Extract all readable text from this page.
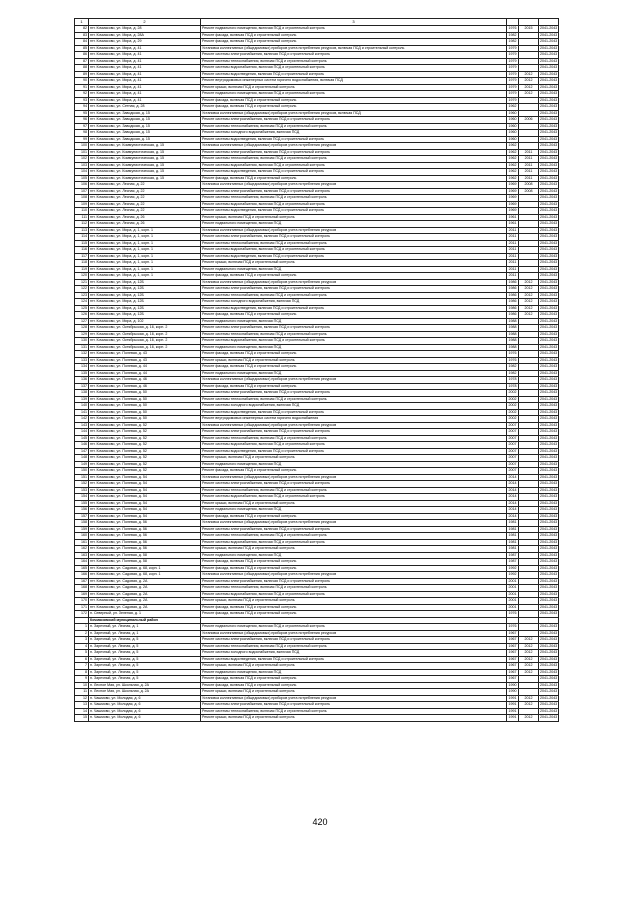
1	2	3			
82	пгт. Кочмасово, ул. Мира, д. 28	Ремонт подвального помещения, включая ПСД и строительный контроль	1976	2015	2041-2043
83	пгт. Кочмасово, ул. Мира, д. 28А	Ремонт фасада, включая ПСД и строительный контроль	1982		2041-2043
84	пгт. Кочмасово, ул. Мира, д. 29	Ремонт фасада, включая ПСД и строительный контроль	1982		2041-2043
85	пгт. Кочмасово, ул. Мира, д. 41	Установка коллективных (общедомовых) приборов учета потребления ресурсов, включая ПСД и строительный контроль	1979		2041-2043
86	пгт. Кочмасово, ул. Мира, д. 41	Ремонт системы электроснабжения, включая ПСД и строительный контроль	1979		2041-2043
87	пгт. Кочмасово, ул. Мира, д. 41	Ремонт системы теплоснабжения, включая ПСД и строительный контроль	1979		2041-2043
88	пгт. Кочмасово, ул. Мира, д. 41	Ремонт системы водоснабжения, включая ПСД и строительный контроль	1979		2041-2043
89	пгт. Кочмасово, ул. Мира, д. 41	Ремонт системы водоотведения, включая ПСД и строительный контроль	1979	2012	2041-2043
90	пгт. Кочмасово, ул. Мира, д. 41	Ремонт внутридомовых инженерных систем горячего водоснабжения, включая ПСД	1979	2012	2041-2043
91	пгт. Кочмасово, ул. Мира, д. 41	Ремонт крыши, включая ПСД и строительный контроль	1979	2012	2041-2043
92	пгт. Кочмасово, ул. Мира, д. 41	Ремонт подвального помещения, включая ПСД и строительный контроль	1979	2012	2041-2043
93	пгт. Кочмасово, ул. Мира, д. 41	Ремонт фасада, включая ПСД и строительный контроль	1979		2041-2043
94	пгт. Кочмасово, ул. Сетная, д. 28	Ремонт фасада, включая ПСД и строительный контроль	1962		2041-2043
95	пгт. Кочмасово, ул. Заводская, д. 15	Установка коллективных (общедомовых) приборов учета потребления ресурсов, включая ПСД	1960		2041-2043
96	пгт. Кочмасово, ул. Заводская, д. 15	Ремонт системы электроснабжения, включая ПСД и строительный контроль	1960	2006	2041-2043
97	пгт. Кочмасово, ул. Заводская, д. 15	Ремонт системы теплоснабжения, включая ПСД и строительный контроль	1960		2041-2043
98	пгт. Кочмасово, ул. Заводская, д. 15	Ремонт системы холодного водоснабжения, включая ПСД	1960		2041-2043
99	пгт. Кочмасово, ул. Заводская, д. 15	Ремонт системы водоотведения, включая ПСД и строительный контроль	1960		2041-2043
100	пгт. Кочмасово, ул. Коммунистическая, д. 15	Установка коллективных (общедомовых) приборов учета потребления ресурсов	1962		2041-2043
101	пгт. Кочмасово, ул. Коммунистическая, д. 15	Ремонт системы электроснабжения, включая ПСД и строительный контроль	1962	2011	2041-2043
102	пгт. Кочмасово, ул. Коммунистическая, д. 15	Ремонт системы теплоснабжения, включая ПСД и строительный контроль	1962	2011	2041-2043
103	пгт. Кочмасово, ул. Коммунистическая, д. 15	Ремонт системы водоснабжения, включая ПСД и строительный контроль	1962	2011	2041-2043
104	пгт. Кочмасово, ул. Коммунистическая, д. 15	Ремонт системы водоотведения, включая ПСД и строительный контроль	1962	2011	2041-2043
105	пгт. Кочмасово, ул. Коммунистическая, д. 15	Ремонт фасада, включая ПСД и строительный контроль	1962	2011	2041-2043
106	пгт. Кочмасово, ул. Лесная, д. 22	Установка коллективных (общедомовых) приборов учета потребления ресурсов	1969	2008	2041-2043
107	пгт. Кочмасово, ул. Лесная, д. 22	Ремонт системы электроснабжения, включая ПСД и строительный контроль	1969	2008	2041-2043
108	пгт. Кочмасово, ул. Лесная, д. 22	Ремонт системы теплоснабжения, включая ПСД и строительный контроль	1969		2041-2043
109	пгт. Кочмасово, ул. Лесная, д. 22	Ремонт системы водоснабжения, включая ПСД и строительный контроль	1969		2041-2043
110	пгт. Кочмасово, ул. Лесная, д. 22	Ремонт системы водоотведения, включая ПСД и строительный контроль	1969		2041-2043
111	пгт. Кочмасово, ул. Лесная, д. 26	Ремонт крыши, включая ПСД и строительный контроль	1961		2041-2043
112	пгт. Кочмасово, ул. Лесная, д. 26	Ремонт подвального помещения, включая ПСД	1961		2041-2043
113	пгт. Кочмасово, ул. Мира, д. 1, корп. 1	Установка коллективных (общедомовых) приборов учета потребления ресурсов	2011		2041-2043
114	пгт. Кочмасово, ул. Мира, д. 1, корп. 1	Ремонт системы электроснабжения, включая ПСД и строительный контроль	2011		2041-2043
115	пгт. Кочмасово, ул. Мира, д. 1, корп. 1	Ремонт системы теплоснабжения, включая ПСД и строительный контроль	2011		2041-2043
116	пгт. Кочмасово, ул. Мира, д. 1, корп. 1	Ремонт системы водоснабжения, включая ПСД и строительный контроль	2011		2041-2043
117	пгт. Кочмасово, ул. Мира, д. 1, корп. 1	Ремонт системы водоотведения, включая ПСД и строительный контроль	2011		2041-2043
118	пгт. Кочмасово, ул. Мира, д. 1, корп. 1	Ремонт крыши, включая ПСД и строительный контроль	2011		2041-2043
119	пгт. Кочмасово, ул. Мира, д. 1, корп. 1	Ремонт подвального помещения, включая ПСД	2011		2041-2043
120	пгт. Кочмасово, ул. Мира, д. 1, корп. 1	Ремонт фасада, включая ПСД и строительный контроль	2011		2041-2043
121	пгт. Кочмасово, ул. Мира, д. 12Б	Установка коллективных (общедомовых) приборов учета потребления ресурсов	1986	2012	2041-2043
122	пгт. Кочмасово, ул. Мира, д. 12Б	Ремонт системы электроснабжения, включая ПСД и строительный контроль	1986	2012	2041-2043
123	пгт. Кочмасово, ул. Мира, д. 12Б	Ремонт системы теплоснабжения, включая ПСД и строительный контроль	1986	2012	2041-2043
124	пгт. Кочмасово, ул. Мира, д. 12Б	Ремонт системы холодного водоснабжения, включая ПСД	1986	2012	2041-2043
125	пгт. Кочмасово, ул. Мира, д. 12Б	Ремонт системы водоотведения, включая ПСД и строительный контроль	1986	2012	2041-2043
126	пгт. Кочмасово, ул. Мира, д. 12Б	Ремонт фасада, включая ПСД и строительный контроль	1986	2012	2041-2043
127	пгт. Кочмасово, ул. Мира, д. 102	Ремонт подвального помещения, включая ПСД	1988		2041-2043
128	пгт. Кочмасово, ул. Октябрьская, д. 16, корп. 2	Ремонт системы электроснабжения, включая ПСД и строительный контроль	1988		2041-2043
129	пгт. Кочмасово, ул. Октябрьская, д. 16, корп. 2	Ремонт системы теплоснабжения, включая ПСД и строительный контроль	1988		2041-2043
130	пгт. Кочмасово, ул. Октябрьская, д. 16, корп. 2	Ремонт системы водоснабжения, включая ПСД и строительный контроль	1988		2041-2043
131	пгт. Кочмасово, ул. Октябрьская, д. 16, корп. 2	Ремонт подвального помещения, включая ПСД	1988		2041-2043
132	пгт. Кочмасово, ул. Полевая, д. 43	Ремонт фасада, включая ПСД и строительный контроль	1976		2041-2043
133	пгт. Кочмасово, ул. Полевая, д. 43	Ремонт крыши, включая ПСД и строительный контроль	1976		2041-2043
134	пгт. Кочмасово, ул. Полевая, д. 44	Ремонт фасада, включая ПСД и строительный контроль	1982		2041-2043
135	пгт. Кочмасово, ул. Полевая, д. 44	Ремонт подвального помещения, включая ПСД	1982		2041-2043
136	пгт. Кочмасово, ул. Полевая, д. 46	Установка коллективных (общедомовых) приборов учета потребления ресурсов	1978		2041-2043
137	пгт. Кочмасово, ул. Полевая, д. 46	Ремонт фасада, включая ПСД и строительный контроль	1978		2041-2043
138	пгт. Кочмасово, ул. Полевая, д. 50	Ремонт системы электроснабжения, включая ПСД и строительный контроль	2002		2041-2043
139	пгт. Кочмасово, ул. Полевая, д. 50	Ремонт системы теплоснабжения, включая ПСД и строительный контроль	2002		2041-2043
140	пгт. Кочмасово, ул. Полевая, д. 50	Ремонт системы холодного водоснабжения, включая ПСД	2002		2041-2043
141	пгт. Кочмасово, ул. Полевая, д. 50	Ремонт системы водоотведения, включая ПСД и строительный контроль	2002		2041-2043
142	пгт. Кочмасово, ул. Полевая, д. 50	Ремонт внутридомовых инженерных систем горячего водоснабжения	2002		2041-2043
143	пгт. Кочмасово, ул. Полевая, д. 52	Установка коллективных (общедомовых) приборов учета потребления ресурсов	2007		2041-2043
144	пгт. Кочмасово, ул. Полевая, д. 52	Ремонт системы электроснабжения, включая ПСД и строительный контроль	2007		2041-2043
145	пгт. Кочмасово, ул. Полевая, д. 52	Ремонт системы теплоснабжения, включая ПСД и строительный контроль	2007		2041-2043
146	пгт. Кочмасово, ул. Полевая, д. 52	Ремонт системы водоснабжения, включая ПСД и строительный контроль	2007		2041-2043
147	пгт. Кочмасово, ул. Полевая, д. 52	Ремонт системы водоотведения, включая ПСД и строительный контроль	2007		2041-2043
148	пгт. Кочмасово, ул. Полевая, д. 52	Ремонт крыши, включая ПСД и строительный контроль	2007		2041-2043
149	пгт. Кочмасово, ул. Полевая, д. 52	Ремонт подвального помещения, включая ПСД	2007		2041-2043
150	пгт. Кочмасово, ул. Полевая, д. 52	Ремонт фасада, включая ПСД и строительный контроль	2007		2041-2043
151	пгт. Кочмасово, ул. Полевая, д. 54	Установка коллективных (общедомовых) приборов учета потребления ресурсов	2014		2041-2043
152	пгт. Кочмасово, ул. Полевая, д. 54	Ремонт системы электроснабжения, включая ПСД и строительный контроль	2014		2041-2043
153	пгт. Кочмасово, ул. Полевая, д. 54	Ремонт системы теплоснабжения, включая ПСД и строительный контроль	2014		2041-2043
154	пгт. Кочмасово, ул. Полевая, д. 54	Ремонт системы водоснабжения, включая ПСД и строительный контроль	2014		2041-2043
155	пгт. Кочмасово, ул. Полевая, д. 54	Ремонт крыши, включая ПСД и строительный контроль	2014		2041-2043
156	пгт. Кочмасово, ул. Полевая, д. 54	Ремонт подвального помещения, включая ПСД	2014		2041-2043
157	пгт. Кочмасово, ул. Полевая, д. 54	Ремонт фасада, включая ПСД и строительный контроль	2014		2041-2043
158	пгт. Кочмасово, ул. Полевая, д. 56	Установка коллективных (общедомовых) приборов учета потребления ресурсов	1981		2041-2043
159	пгт. Кочмасово, ул. Полевая, д. 56	Ремонт системы электроснабжения, включая ПСД и строительный контроль	1981		2041-2043
160	пгт. Кочмасово, ул. Полевая, д. 56	Ремонт системы теплоснабжения, включая ПСД и строительный контроль	1981		2041-2043
161	пгт. Кочмасово, ул. Полевая, д. 56	Ремонт системы водоснабжения, включая ПСД и строительный контроль	1981		2041-2043
162	пгт. Кочмасово, ул. Полевая, д. 56	Ремонт крыши, включая ПСД и строительный контроль	1981		2041-2043
163	пгт. Кочмасово, ул. Полевая, д. 58	Ремонт подвального помещения, включая ПСД	1987		2041-2043
164	пгт. Кочмасово, ул. Полевая, д. 58	Ремонт фасада, включая ПСД и строительный контроль	1987		2041-2043
165	пгт. Кочмасово, ул. Садовая, д. 68, корп. 1	Ремонт фасада, включая ПСД и строительный контроль	1992		2041-2043
166	пгт. Кочмасово, ул. Садовая, д. 68, корп. 1	Установка коллективных (общедомовых) приборов учета потребления ресурсов	1992		2041-2043
167	пгт. Кочмасово, ул. Садовая, д. 2А	Ремонт системы электроснабжения, включая ПСД и строительный контроль	2001		2041-2043
168	пгт. Кочмасово, ул. Садовая, д. 2А	Ремонт системы теплоснабжения, включая ПСД и строительный контроль	2001		2041-2043
169	пгт. Кочмасово, ул. Садовая, д. 2А	Ремонт системы водоснабжения, включая ПСД и строительный контроль	2001		2041-2043
170	пгт. Кочмасово, ул. Садовая, д. 2А	Ремонт крыши, включая ПСД и строительный контроль	2001		2041-2043
171	пгт. Кочмасово, ул. Садовая, д. 2А	Ремонт фасада, включая ПСД и строительный контроль	2001		2041-2043
172	п. Северный, ул. Зеленая, д. 1	Ремонт фасада, включая ПСД и строительный контроль	1976		2041-2043
	Кочмасовский муниципальный район				
1	п. Заречный, ул. Лесная, д. 1	Ремонт подвального помещения, включая ПСД и строительный контроль	1976		2041-2043
2	п. Заречный, ул. Лесная, д. 1	Установка коллективных (общедомовых) приборов учета потребления ресурсов	1967		2041-2043
3	п. Заречный, ул. Лесная, д. 5	Ремонт системы электроснабжения, включая ПСД и строительный контроль	1967	2012	2041-2043
4	п. Заречный, ул. Лесная, д. 5	Ремонт системы теплоснабжения, включая ПСД и строительный контроль	1967	2012	2041-2043
5	п. Заречный, ул. Лесная, д. 5	Ремонт системы холодного водоснабжения, включая ПСД	1967	2012	2041-2043
6	п. Заречный, ул. Лесная, д. 5	Ремонт системы водоотведения, включая ПСД и строительный контроль	1967	2012	2041-2043
7	п. Заречный, ул. Лесная, д. 5	Ремонт крыши, включая ПСД и строительный контроль	1967	2012	2041-2043
8	п. Заречный, ул. Лесная, д. 5	Ремонт подвального помещения, включая ПСД	1967	2012	2041-2043
9	п. Заречный, ул. Лесная, д. 5	Ремонт фасада, включая ПСД и строительный контроль	1967		2041-2043
10	п. Лесное Мая, ул. Школьная, д. 2А	Ремонт фасада, включая ПСД и строительный контроль	1990		2041-2043
11	п. Лесное Мая, ул. Школьная, д. 2А	Ремонт крыши, включая ПСД и строительный контроль	1990		2041-2043
12	п. Чашмово, ул. Молодая, д. 6	Установка коллективных (общедомовых) приборов учета потребления ресурсов	1991	2012	2041-2043
13	п. Чашмово, ул. Молодая, д. 6	Ремонт системы электроснабжения, включая ПСД и строительный контроль	1991	2012	2041-2043
14	п. Чашмово, ул. Молодая, д. 6	Ремонт системы теплоснабжения, включая ПСД и строительный контроль	1991		2041-2043
15	п. Чашмово, ул. Молодая, д. 6	Ремонт крыши, включая ПСД и строительный контроль	1991	2012	2041-2043
420
